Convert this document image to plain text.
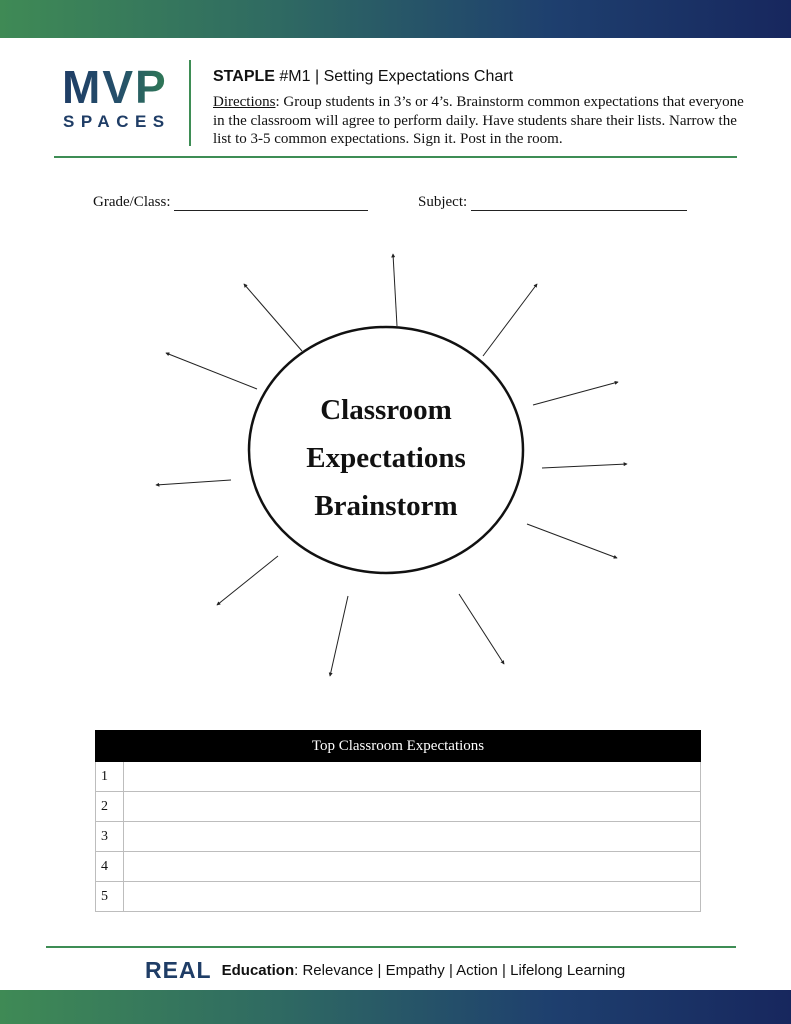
MVP
SPACES
STAPLE #M1 | Setting Expectations Chart
Directions: Group students in 3’s or 4’s. Brainstorm common expectations that everyone in the classroom will agree to perform daily. Have students share their lists. Narrow the list to 3-5 common expectations. Sign it. Post in the room.
Grade/Class:	Subject:
Classroom
Expectations
Brainstorm
Top Classroom Expectations	
1	
2	
3	
4	
5	
REAL Education : Relevance | Empathy | Action | Lifelong Learning
